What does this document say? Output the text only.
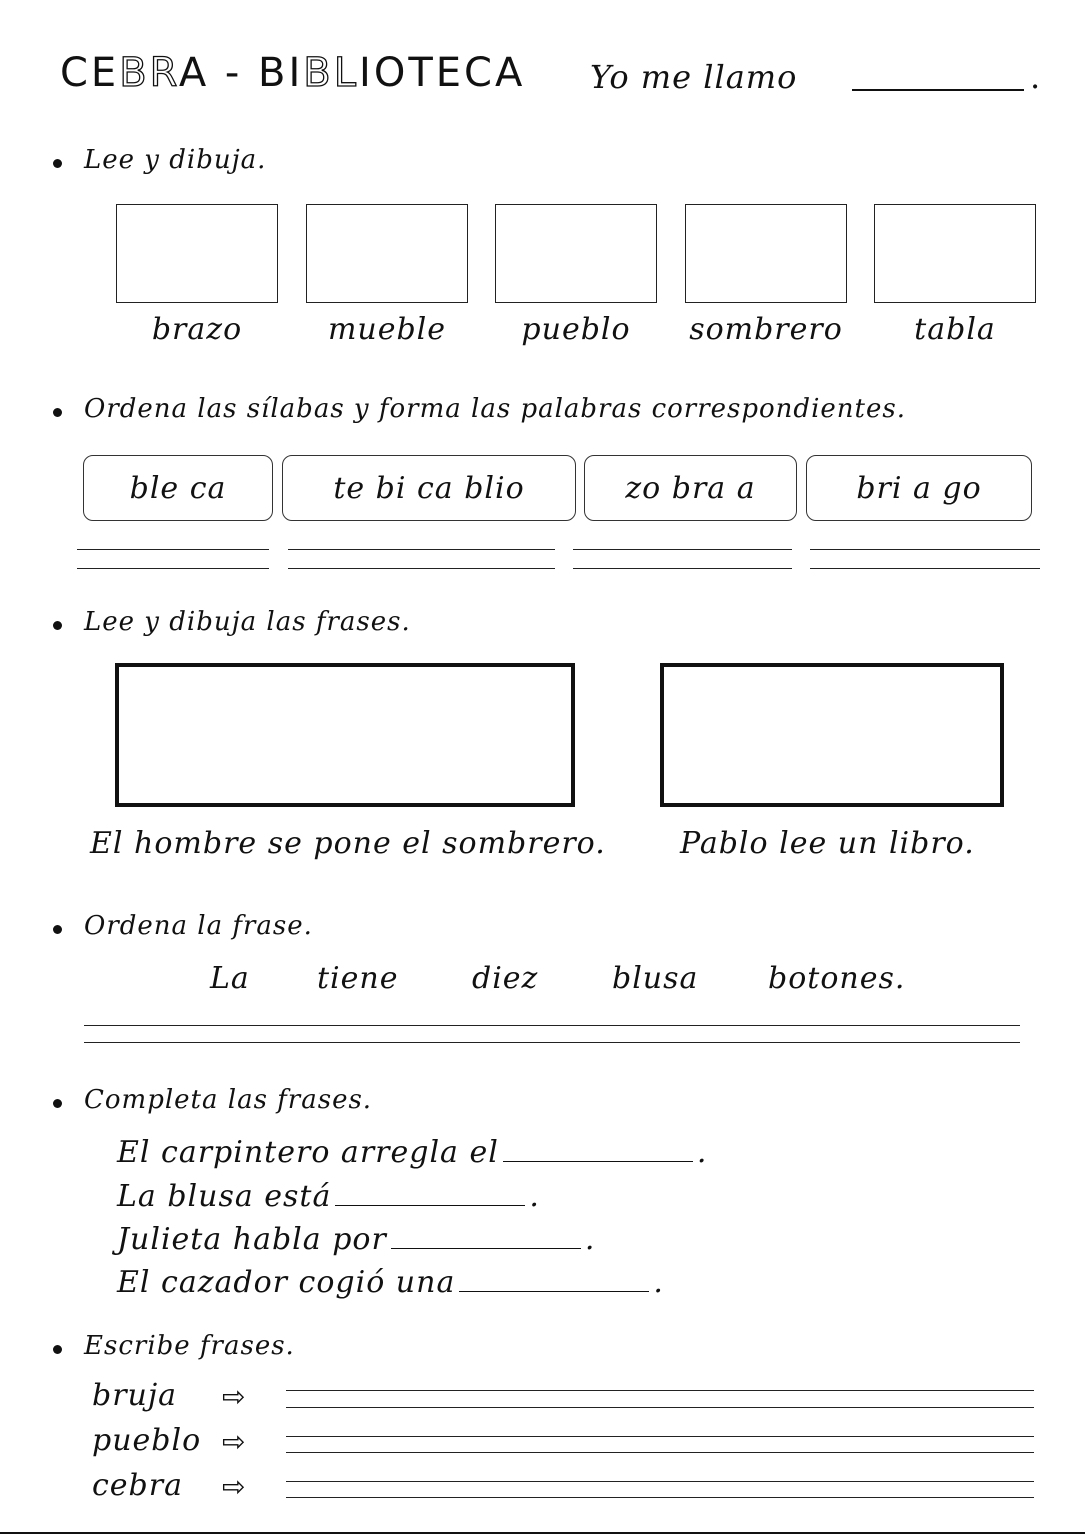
CEBRA - BIBLIOTECA Yo me llamo	.
Lee y dibuja.
brazo	mueble	pueblo	sombrero	tabla
Ordena las sílabas y forma las palabras correspondientes.
ble ca	te bi ca blio	zo bra a	bri a go
Lee y dibuja las frases.
El hombre se pone el sombrero. Pablo lee un libro.
Ordena la frase.
La tiene diez blusa botones.
Completa las frases.
El carpintero arregla el	.
La blusa está	.
Julieta habla por	.
El cazador cogió una	.
Escribe frases.
bruja ⇨
pueblo ⇨
cebra ⇨
